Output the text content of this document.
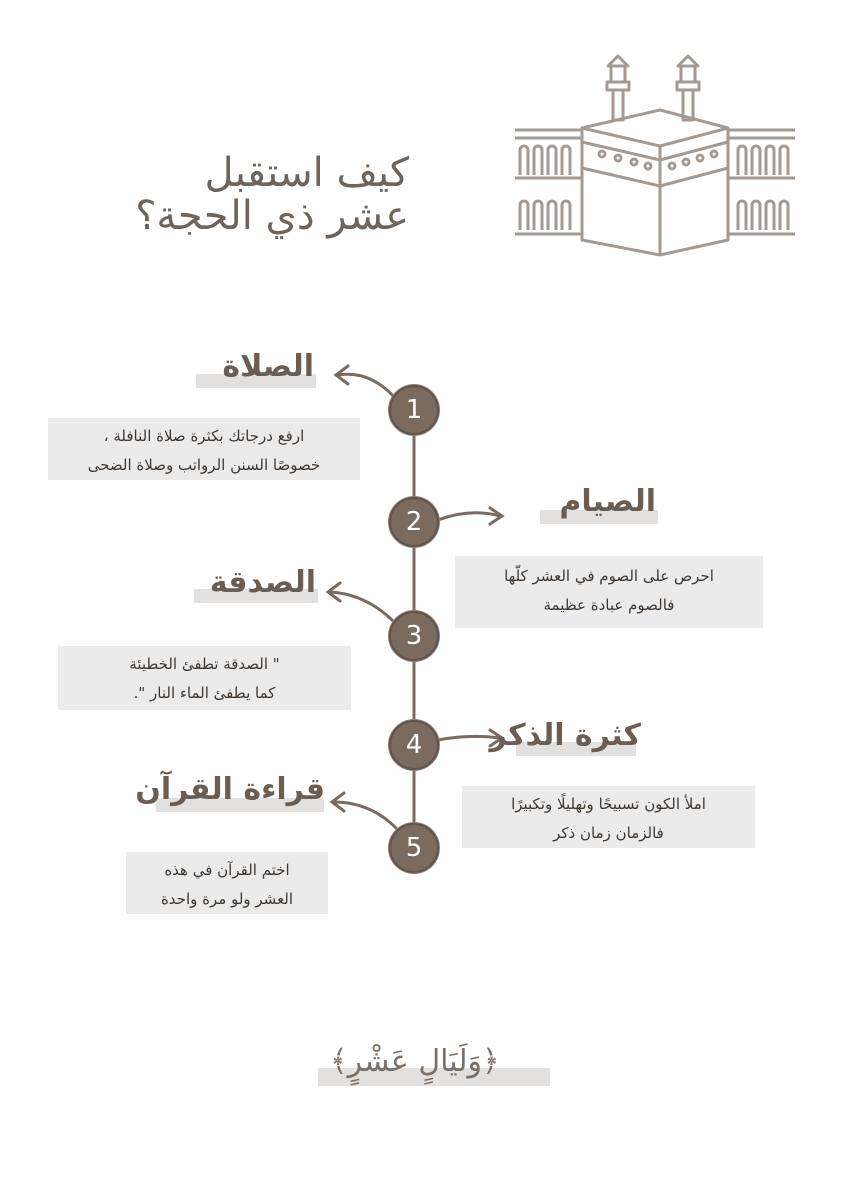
كيف استقبل
عشر ذي الحجة؟
1
2
3
4
5
الصلاة
ارفع درجاتك بكثرة صلاة النافلة ،
خصوصًا السنن الرواتب وصلاة الضحى
الصيام
احرص على الصوم في العشر كلّها
فالصوم عبادة عظيمة
الصدقة
" الصدقة تطفئ الخطيئة
كما يطفئ الماء النار ".
كثرة الذكر
املأ الكون تسبيحًا وتهليلًا وتكبيرًا
فالزمان زمان ذكر
قراءة القرآن
اختم القرآن في هذه
العشر ولو مرة واحدة
﴿وَلَيَالٍ عَشْرٍ﴾
